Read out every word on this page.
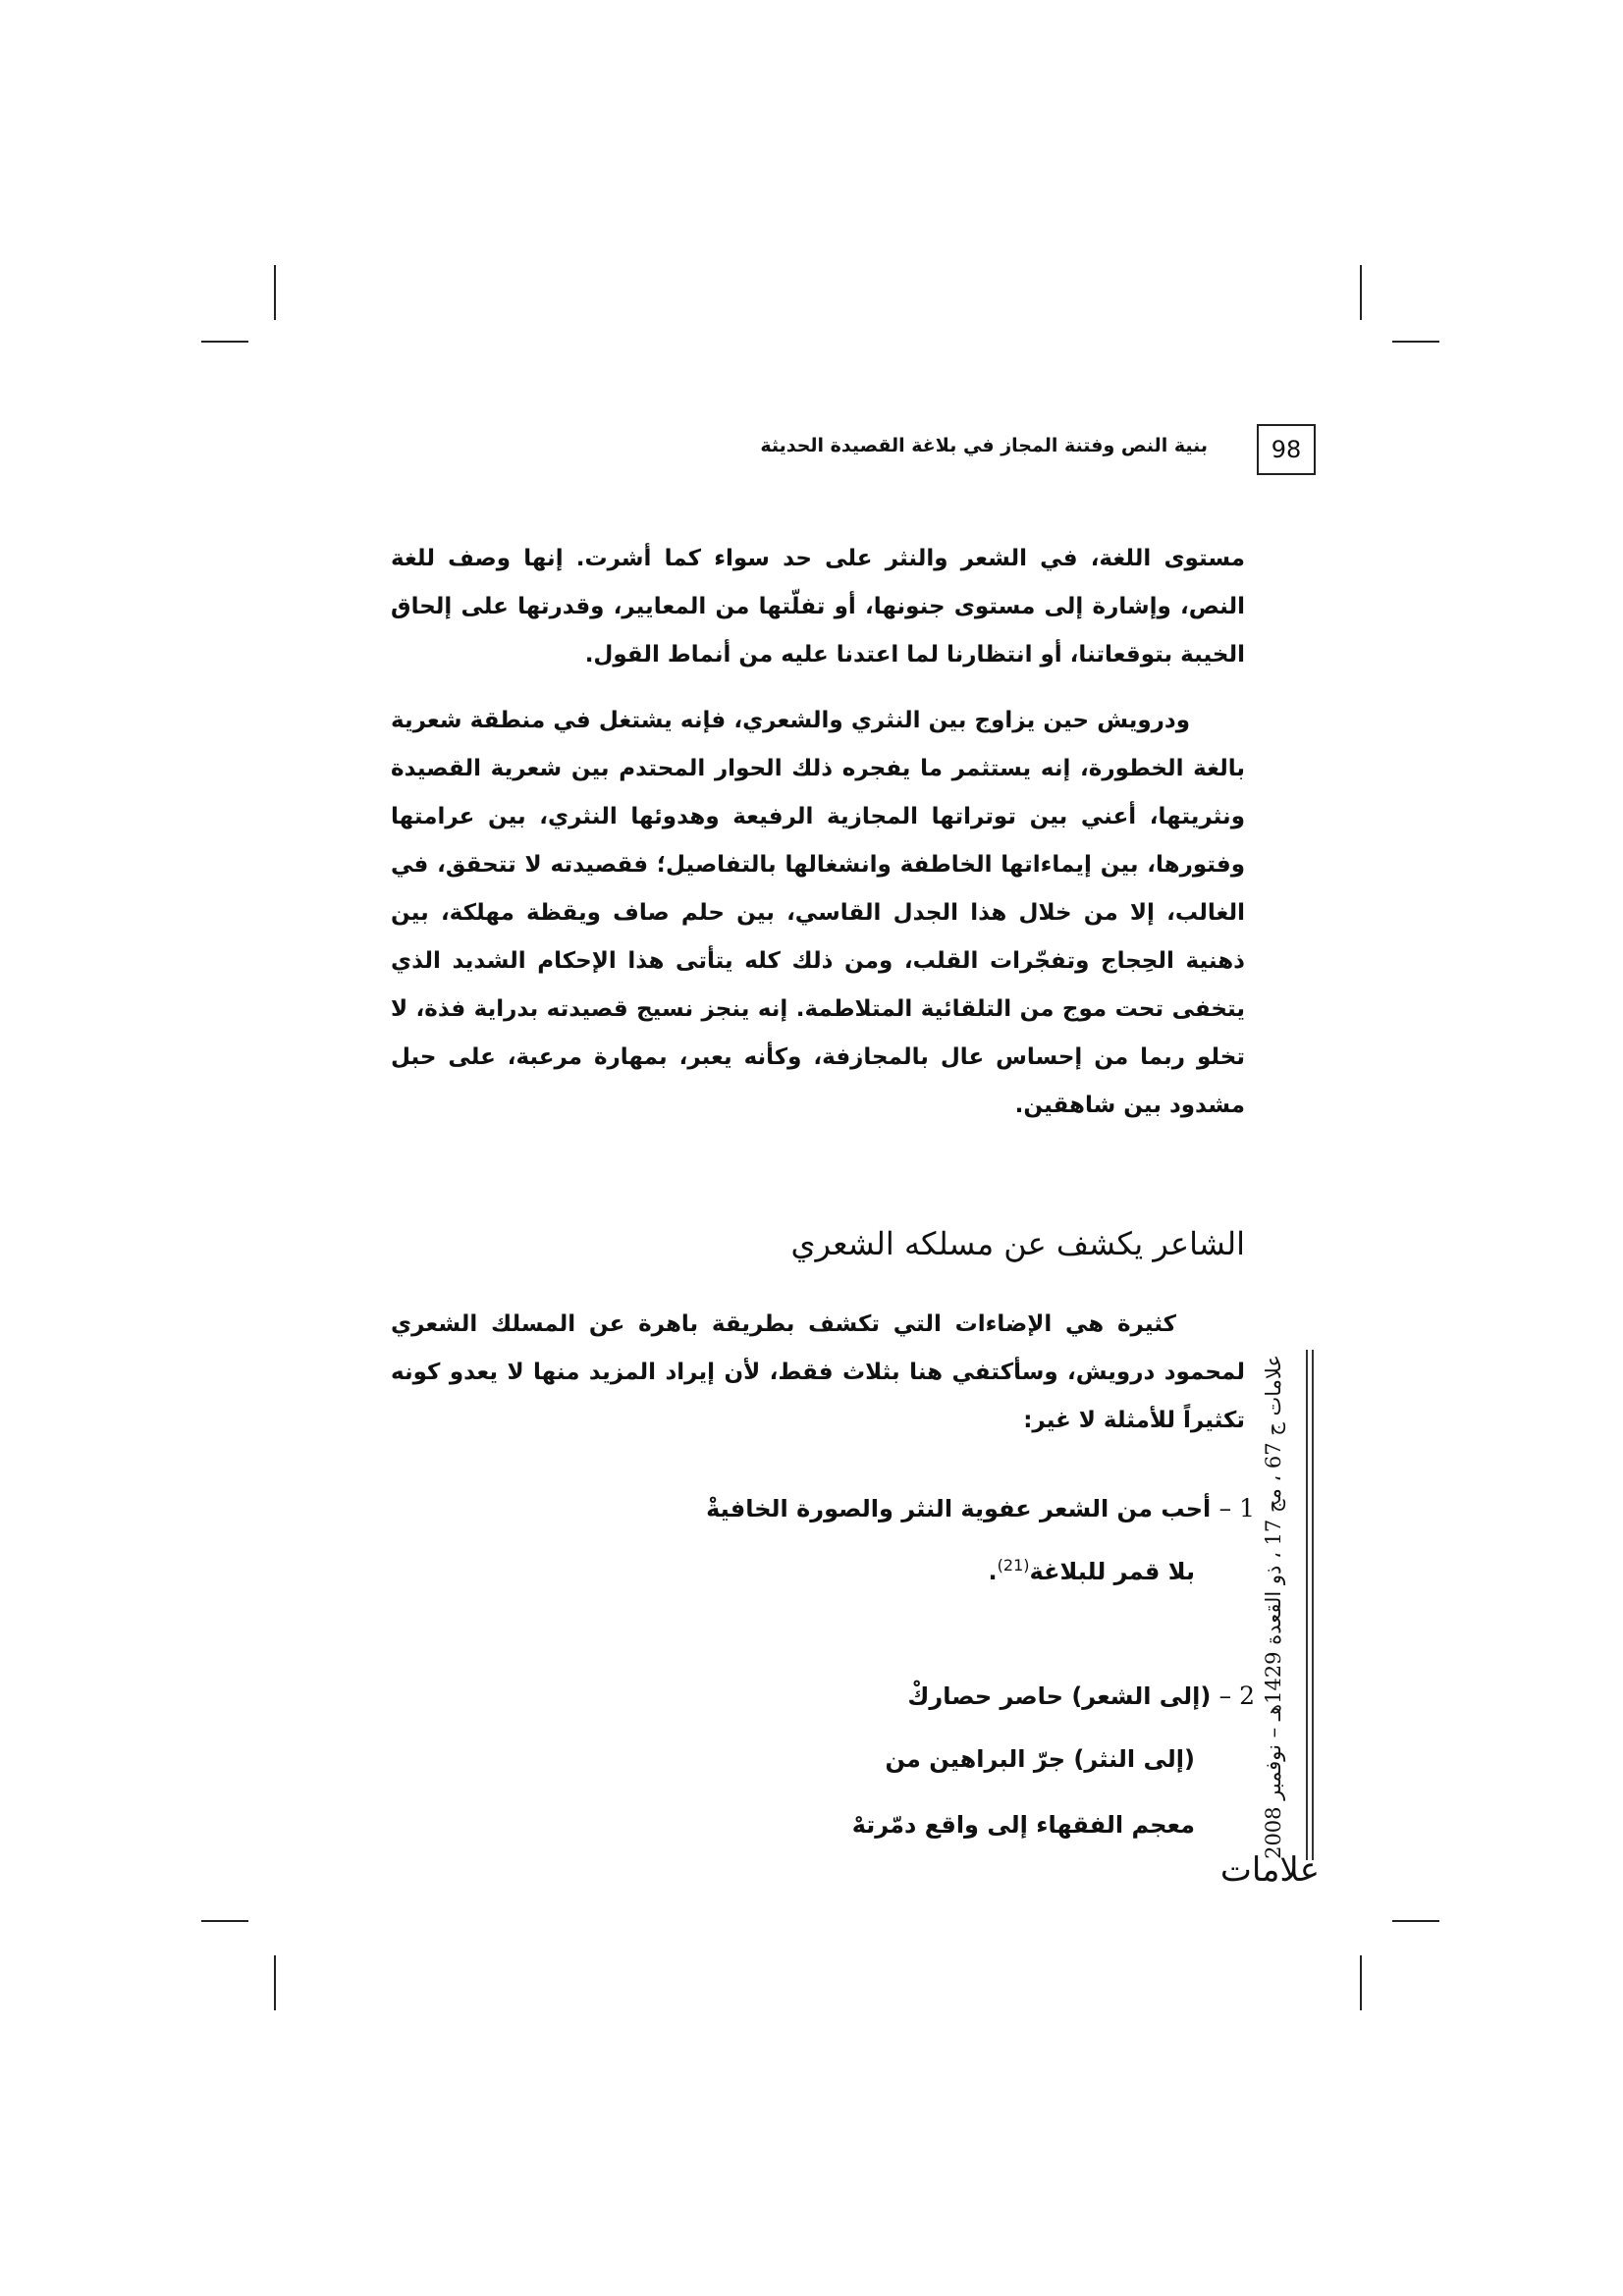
بنية النص وفتنة المجاز في بلاغة القصيدة الحديثة	98

مستوى اللغة، في الشعر والنثر على حد سواء كما أشرت. إنها وصف للغة النص، وإشارة إلى مستوى جنونها، أو تفلّتها من المعايير، وقدرتها على إلحاق الخيبة بتوقعاتنا، أو انتظارنا لما اعتدنا عليه من أنماط القول.

ودرويش حين يزاوج بين النثري والشعري، فإنه يشتغل في منطقة شعرية بالغة الخطورة، إنه يستثمر ما يفجره ذلك الحوار المحتدم بين شعرية القصيدة ونثريتها، أعني بين توتراتها المجازية الرفيعة وهدوئها النثري، بين عرامتها وفتورها، بين إيماءاتها الخاطفة وانشغالها بالتفاصيل؛ فقصيدته لا تتحقق، في الغالب، إلا من خلال هذا الجدل القاسي، بين حلم صاف ويقظة مهلكة، بين ذهنية الحِجاج وتفجّرات القلب، ومن ذلك كله يتأتى هذا الإحكام الشديد الذي يتخفى تحت موج من التلقائية المتلاطمة. إنه ينجز نسيج قصيدته بدراية فذة، لا تخلو ربما من إحساس عال بالمجازفة، وكأنه يعبر، بمهارة مرعبة، على حبل مشدود بين شاهقين.

الشاعر يكشف عن مسلكه الشعري

كثيرة هي الإضاءات التي تكشف بطريقة باهرة عن المسلك الشعري لمحمود درويش، وسأكتفي هنا بثلاث فقط، لأن إيراد المزيد منها لا يعدو كونه تكثيراً للأمثلة لا غير:

1 – أحب من الشعر عفوية النثر والصورة الخافيةْ
بلا قمر للبلاغة$^{(21)}$.
2 – (إلى الشعر) حاصر حصاركْ
(إلى النثر) جرّ البراهين من
معجم الفقهاء إلى واقع دمّرتهْ	علامات ج 67 ، مج 17 ، ذو القعدة 1429هـ – نوفمبر 2008
علامات
